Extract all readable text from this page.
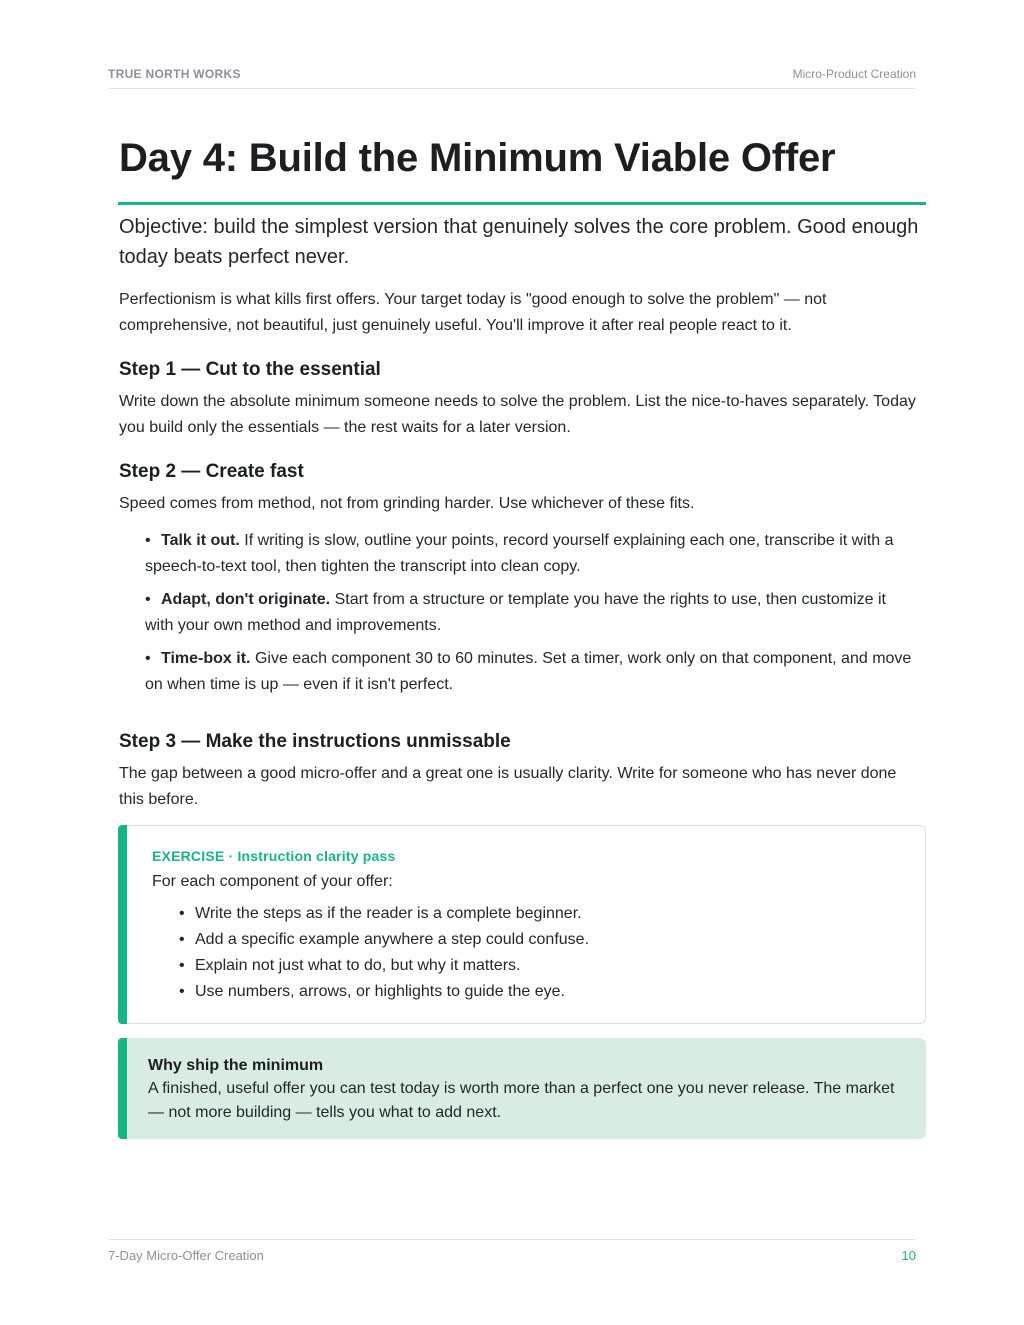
TRUE NORTH WORKS	Micro-Product Creation
Day 4: Build the Minimum Viable Offer

Objective: build the simplest version that genuinely solves the core problem. Good enough today beats perfect never.

Perfectionism is what kills first offers. Your target today is "good enough to solve the problem" — not comprehensive, not beautiful, just genuinely useful. You'll improve it after real people react to it.

Step 1 — Cut to the essential

Write down the absolute minimum someone needs to solve the problem. List the nice-to-haves separately. Today you build only the essentials — the rest waits for a later version.

Step 2 — Create fast

Speed comes from method, not from grinding harder. Use whichever of these fits.

• Talk it out. If writing is slow, outline your points, record yourself explaining each one, transcribe it with a speech-to-text tool, then tighten the transcript into clean copy.
• Adapt, don't originate. Start from a structure or template you have the rights to use, then customize it with your own method and improvements.
• Time-box it. Give each component 30 to 60 minutes. Set a timer, work only on that component, and move on when time is up — even if it isn't perfect.
Step 3 — Make the instructions unmissable

The gap between a good micro-offer and a great one is usually clarity. Write for someone who has never done this before.

EXERCISE · Instruction clarity pass
For each component of your offer:
• Write the steps as if the reader is a complete beginner.
• Add a specific example anywhere a step could confuse.
• Explain not just what to do, but why it matters.
• Use numbers, arrows, or highlights to guide the eye.
Why ship the minimum
A finished, useful offer you can test today is worth more than a perfect one you never release. The market — not more building — tells you what to add next.
7-Day Micro-Offer Creation	10
